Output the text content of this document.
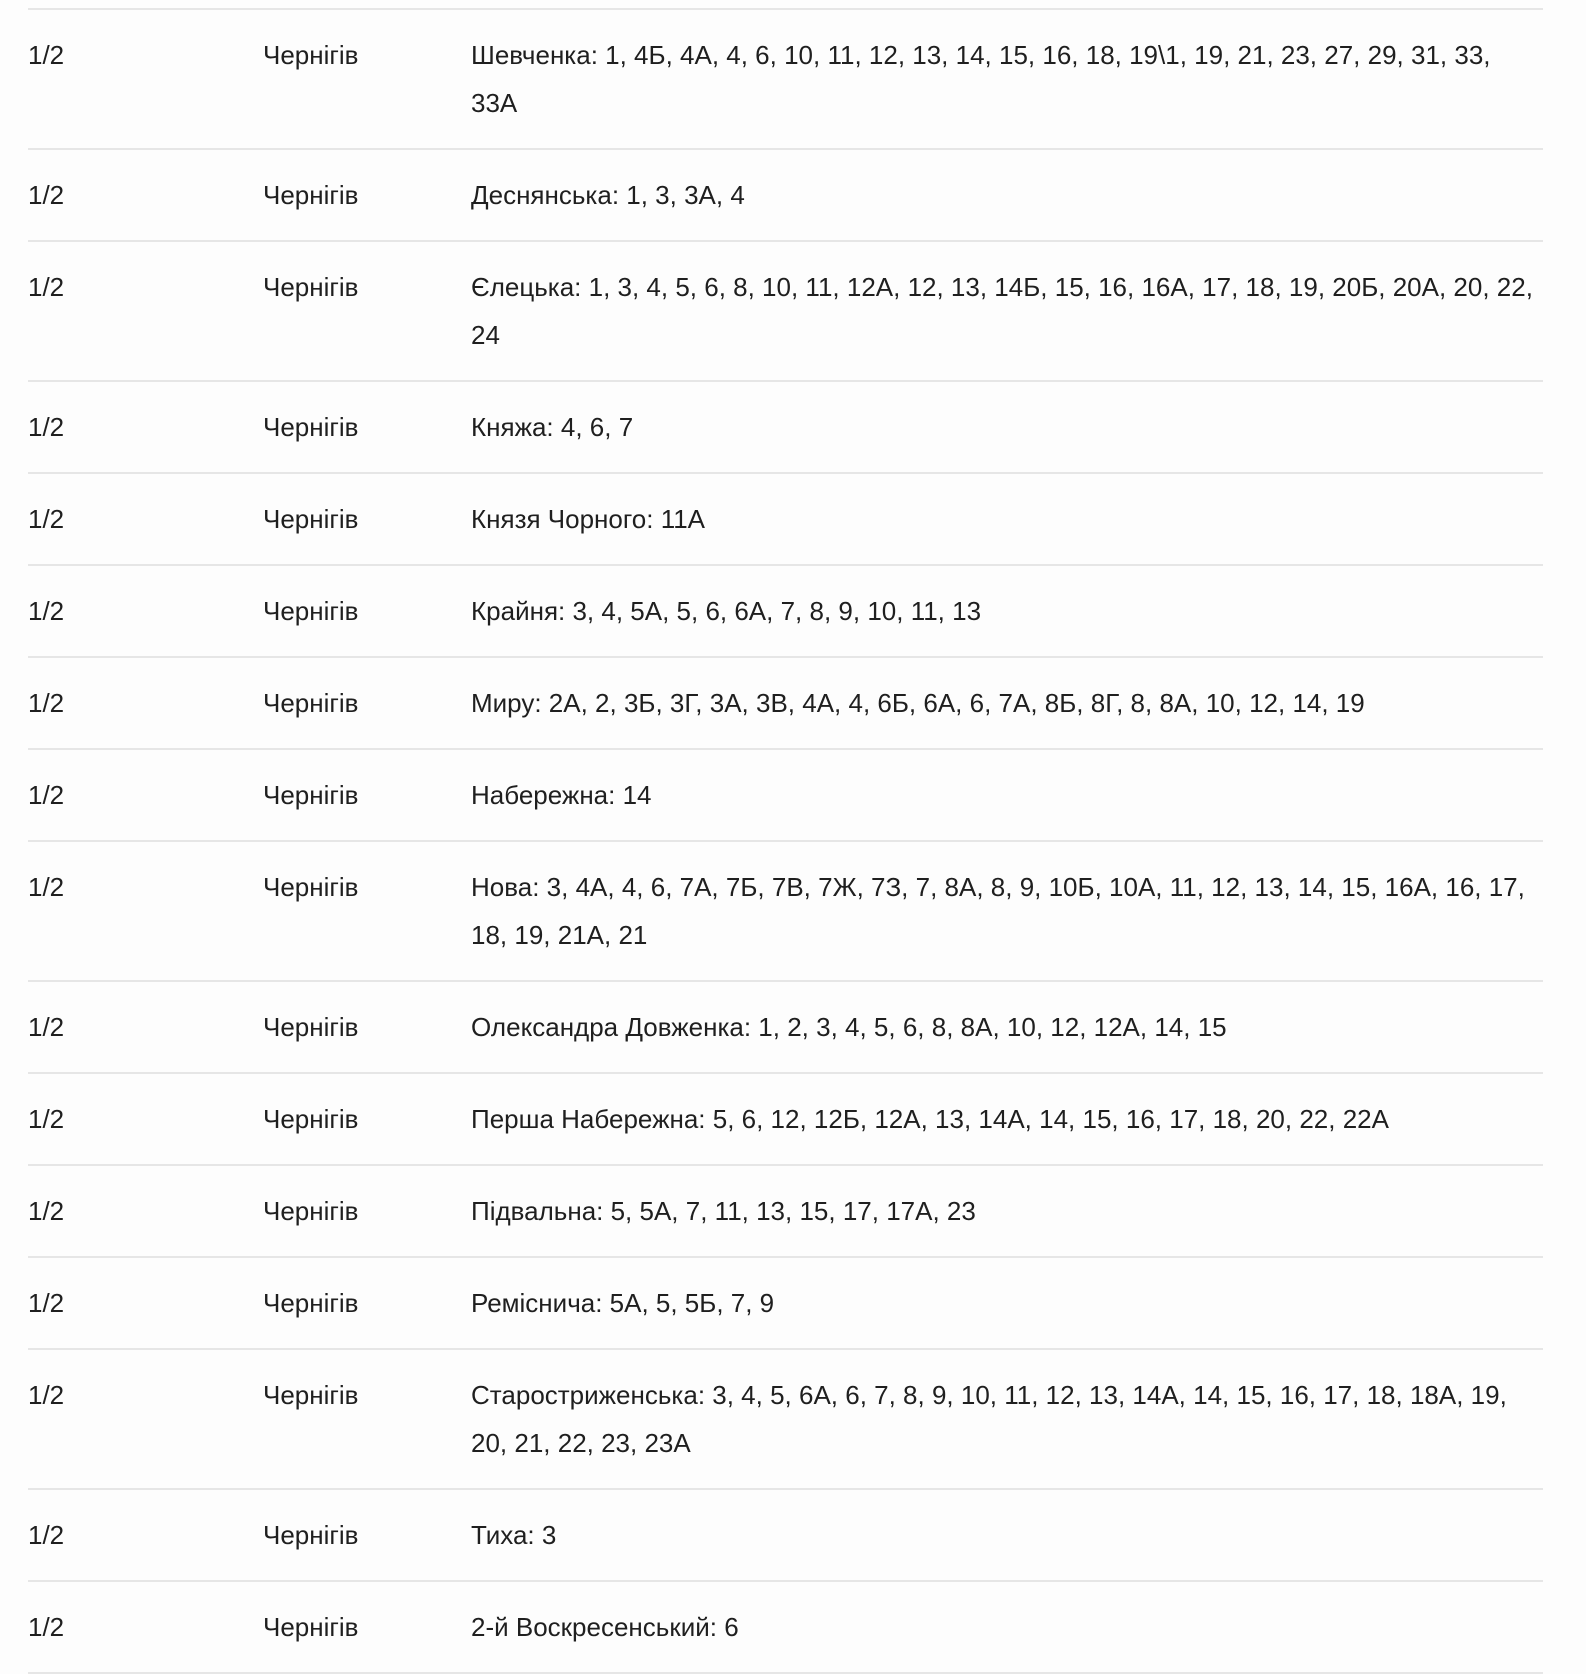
1/2	Чернігів	Шевченка: 1, 4Б, 4А, 4, 6, 10, 11, 12, 13, 14, 15, 16, 18, 19\1, 19, 21, 23, 27, 29, 31, 33, 33А
1/2	Чернігів	Деснянська: 1, 3, 3А, 4
1/2	Чернігів	Єлецька: 1, 3, 4, 5, 6, 8, 10, 11, 12А, 12, 13, 14Б, 15, 16, 16А, 17, 18, 19, 20Б, 20А, 20, 22, 24
1/2	Чернігів	Княжа: 4, 6, 7
1/2	Чернігів	Князя Чорного: 11А
1/2	Чернігів	Крайня: 3, 4, 5А, 5, 6, 6А, 7, 8, 9, 10, 11, 13
1/2	Чернігів	Миру: 2А, 2, 3Б, 3Г, 3А, 3В, 4А, 4, 6Б, 6А, 6, 7А, 8Б, 8Г, 8, 8А, 10, 12, 14, 19
1/2	Чернігів	Набережна: 14
1/2	Чернігів	Нова: 3, 4А, 4, 6, 7А, 7Б, 7В, 7Ж, 7З, 7, 8А, 8, 9, 10Б, 10А, 11, 12, 13, 14, 15, 16А, 16, 17, 18, 19, 21А, 21
1/2	Чернігів	Олександра Довженка: 1, 2, 3, 4, 5, 6, 8, 8А, 10, 12, 12А, 14, 15
1/2	Чернігів	Перша Набережна: 5, 6, 12, 12Б, 12А, 13, 14А, 14, 15, 16, 17, 18, 20, 22, 22А
1/2	Чернігів	Підвальна: 5, 5А, 7, 11, 13, 15, 17, 17А, 23
1/2	Чернігів	Реміснича: 5А, 5, 5Б, 7, 9
1/2	Чернігів	Старостриженська: 3, 4, 5, 6А, 6, 7, 8, 9, 10, 11, 12, 13, 14А, 14, 15, 16, 17, 18, 18А, 19, 20, 21, 22, 23, 23А
1/2	Чернігів	Тиха: 3
1/2	Чернігів	2-й Воскресенський: 6
